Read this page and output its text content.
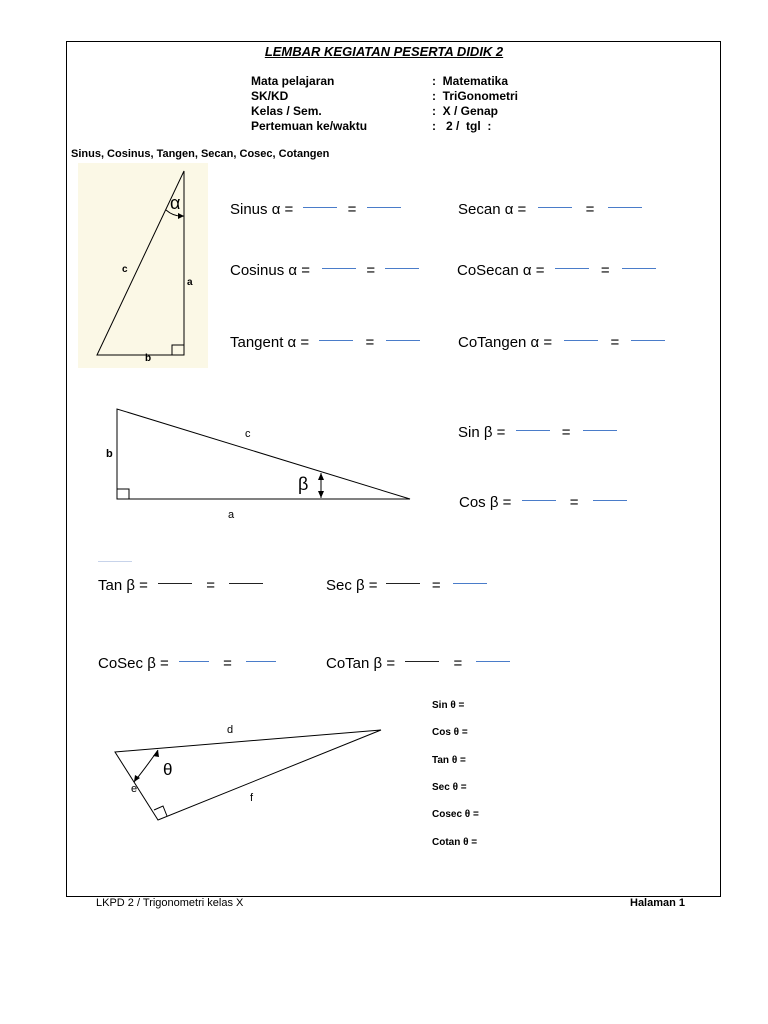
LEMBAR KEGIATAN PESERTA DIDIK 2
Mata pelajaran	:  Matematika
SK/KD	:  TriGonometri
Kelas / Sem.	:  X / Genap
Pertemuan ke/waktu	:   2 /  tgl  :
Sinus, Cosinus, Tangen, Secan, Cosec, Cotangen
α
c
a
b
Sinus α =	=	Secan α =	=
Cosinus α =	=	CoSecan α =	=
Tangent α =	=	CoTangen α =	=
β
c
b
a
Sin β =	=
Cos β =	=
Tan β =	=	Sec β =	=
CoSec β =	=	CoTan β =	=
θ
d
e
f
Sin θ =
Cos θ =
Tan θ =
Sec θ =
Cosec θ =
Cotan θ =
LKPD 2 / Trigonometri kelas X	Halaman 1
